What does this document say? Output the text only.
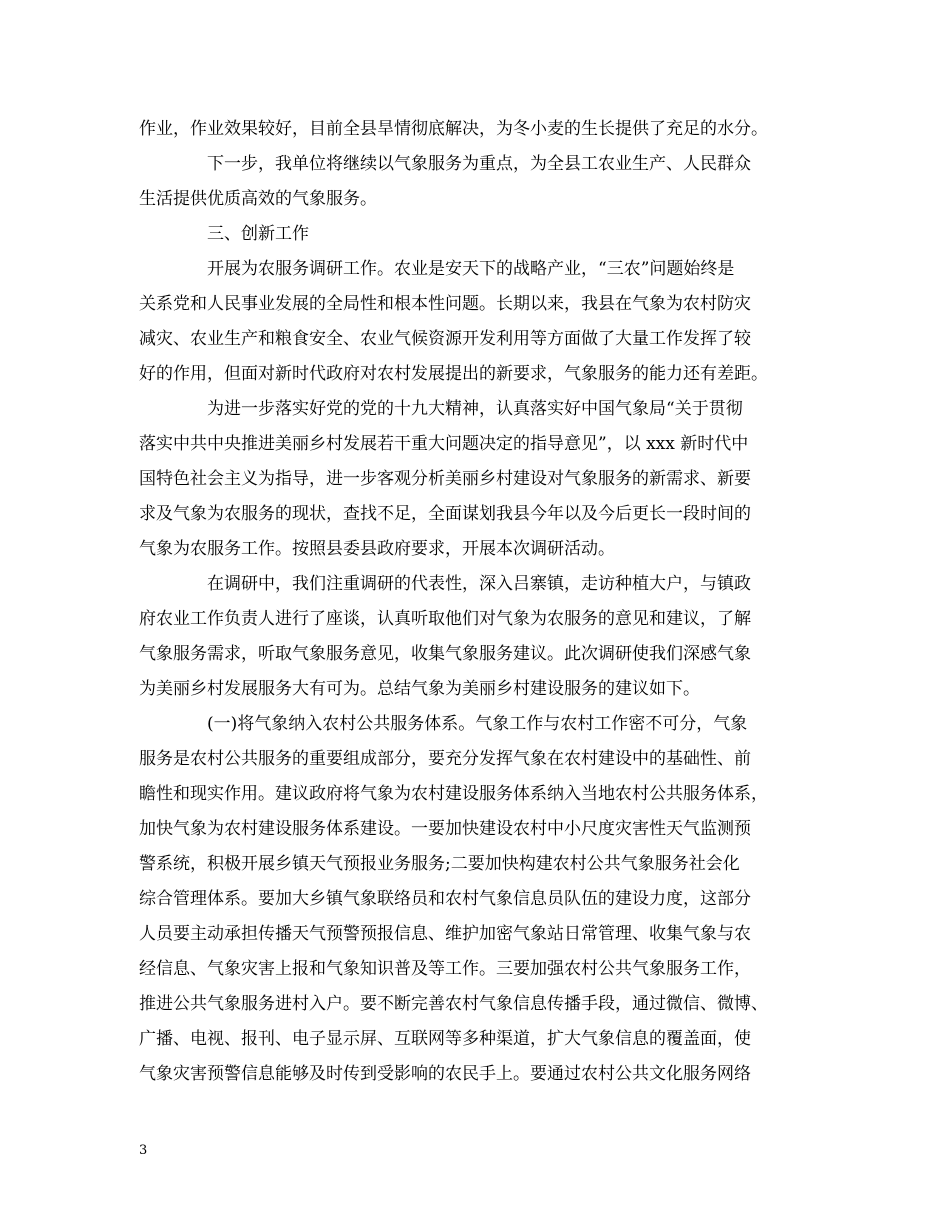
作业，作业效果较好，目前全县旱情彻底解决，为冬小麦的生长提供了充足的水分。
下一步，我单位将继续以气象服务为重点，为全县工农业生产、人民群众
生活提供优质高效的气象服务。
三、创新工作
开展为农服务调研工作。农业是安天下的战略产业，“三农”问题始终是
关系党和人民事业发展的全局性和根本性问题。长期以来，我县在气象为农村防灾
减灾、农业生产和粮食安全、农业气候资源开发利用等方面做了大量工作发挥了较
好的作用，但面对新时代政府对农村发展提出的新要求，气象服务的能力还有差距。
为进一步落实好党的党的十九大精神，认真落实好中国气象局“关于贯彻
落实中共中央推进美丽乡村发展若干重大问题决定的指导意见”，以 xxx 新时代中
国特色社会主义为指导，进一步客观分析美丽乡村建设对气象服务的新需求、新要
求及气象为农服务的现状，查找不足，全面谋划我县今年以及今后更长一段时间的
气象为农服务工作。按照县委县政府要求，开展本次调研活动。
在调研中，我们注重调研的代表性，深入吕寨镇，走访种植大户，与镇政
府农业工作负责人进行了座谈，认真听取他们对气象为农服务的意见和建议，了解
气象服务需求，听取气象服务意见，收集气象服务建议。此次调研使我们深感气象
为美丽乡村发展服务大有可为。总结气象为美丽乡村建设服务的建议如下。
(一)将气象纳入农村公共服务体系。气象工作与农村工作密不可分，气象
服务是农村公共服务的重要组成部分，要充分发挥气象在农村建设中的基础性、前
瞻性和现实作用。建议政府将气象为农村建设服务体系纳入当地农村公共服务体系，
加快气象为农村建设服务体系建设。一要加快建设农村中小尺度灾害性天气监测预
警系统，积极开展乡镇天气预报业务服务;二要加快构建农村公共气象服务社会化
综合管理体系。要加大乡镇气象联络员和农村气象信息员队伍的建设力度，这部分
人员要主动承担传播天气预警预报信息、维护加密气象站日常管理、收集气象与农
经信息、气象灾害上报和气象知识普及等工作。三要加强农村公共气象服务工作，
推进公共气象服务进村入户。要不断完善农村气象信息传播手段，通过微信、微博、
广播、电视、报刊、电子显示屏、互联网等多种渠道，扩大气象信息的覆盖面，使
气象灾害预警信息能够及时传到受影响的农民手上。要通过农村公共文化服务网络
3
